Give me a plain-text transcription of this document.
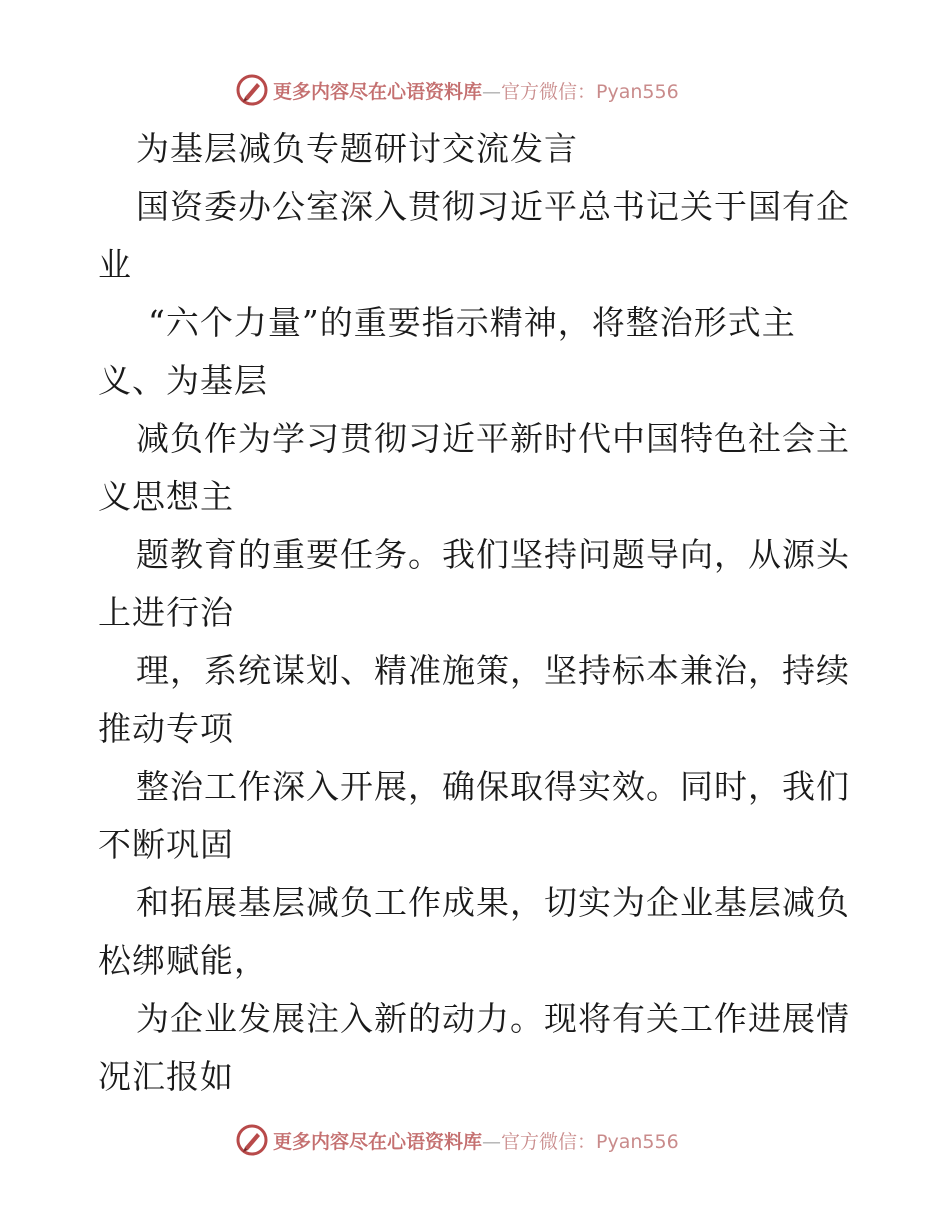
更多内容尽在心语资料库—官方微信：Pyan556
为基层减负专题研讨交流发言
国资委办公室深入贯彻习近平总书记关于国有企
业
“六个力量”的重要指示精神，将整治形式主
义、为基层
减负作为学习贯彻习近平新时代中国特色社会主
义思想主
题教育的重要任务。我们坚持问题导向，从源头
上进行治
理，系统谋划、精准施策，坚持标本兼治，持续
推动专项
整治工作深入开展，确保取得实效。同时，我们
不断巩固
和拓展基层减负工作成果，切实为企业基层减负
松绑赋能，
为企业发展注入新的动力。现将有关工作进展情
况汇报如
更多内容尽在心语资料库—官方微信：Pyan556
